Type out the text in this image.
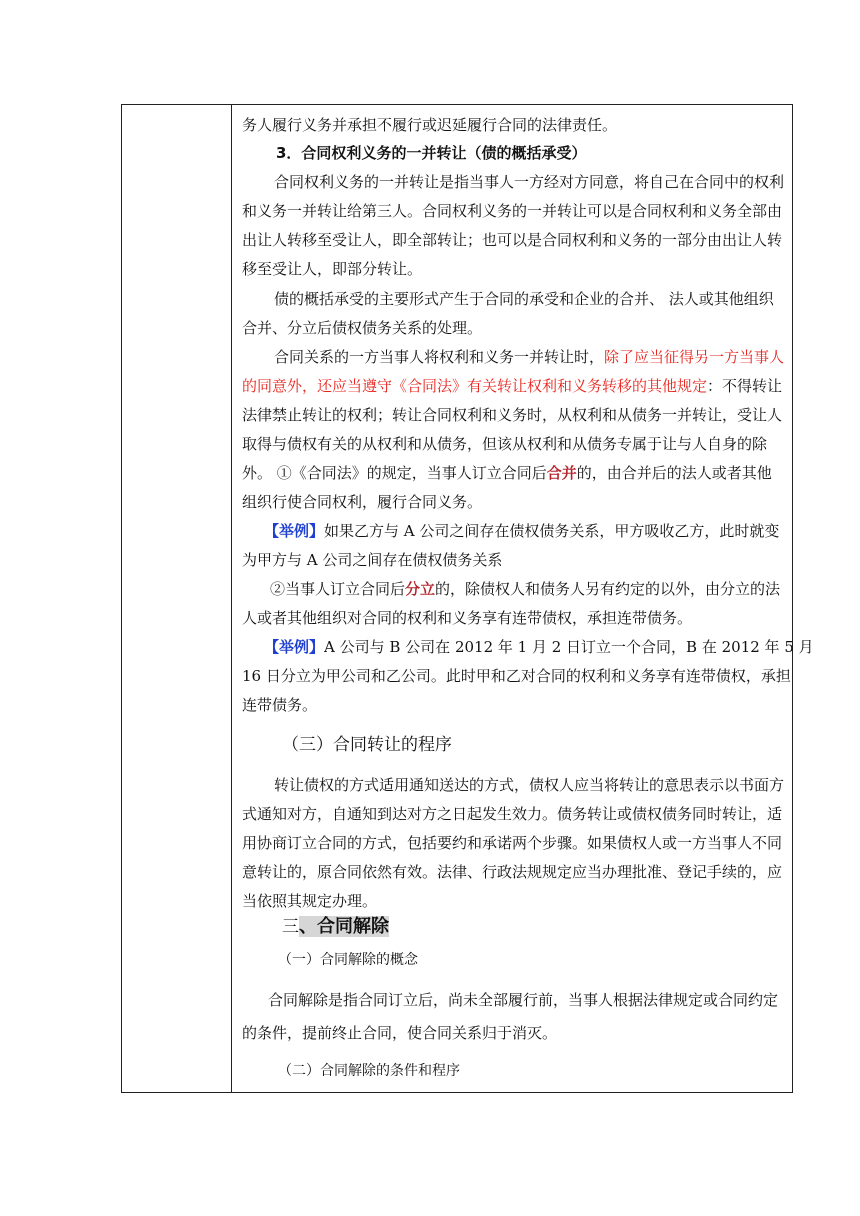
务人履行义务并承担不履行或迟延履行合同的法律责任。
3．合同权利义务的一并转让（债的概括承受）
合同权利义务的一并转让是指当事人一方经对方同意，将自己在合同中的权利
和义务一并转让给第三人。合同权利义务的一并转让可以是合同权利和义务全部由
出让人转移至受让人，即全部转让；也可以是合同权利和义务的一部分由出让人转
移至受让人，即部分转让。
债的概括承受的主要形式产生于合同的承受和企业的合并、 法人或其他组织
合并、分立后债权债务关系的处理。
合同关系的一方当事人将权利和义务一并转让时，除了应当征得另一方当事人
的同意外，还应当遵守《合同法》有关转让权利和义务转移的其他规定：不得转让
法律禁止转让的权利；转让合同权利和义务时，从权利和从债务一并转让，受让人
取得与债权有关的从权利和从债务，但该从权利和从债务专属于让与人自身的除
外。 ①《合同法》的规定，当事人订立合同后合并的，由合并后的法人或者其他
组织行使合同权利，履行合同义务。
【举例】如果乙方与 A 公司之间存在债权债务关系，甲方吸收乙方，此时就变
为甲方与 A 公司之间存在债权债务关系
②当事人订立合同后分立的，除债权人和债务人另有约定的以外，由分立的法
人或者其他组织对合同的权利和义务享有连带债权，承担连带债务。
【举例】A 公司与 B 公司在 2012 年 1 月 2 日订立一个合同，B 在 2012 年 5 月
16 日分立为甲公司和乙公司。此时甲和乙对合同的权利和义务享有连带债权，承担
连带债务。
（三）合同转让的程序
转让债权的方式适用通知送达的方式，债权人应当将转让的意思表示以书面方
式通知对方，自通知到达对方之日起发生效力。债务转让或债权债务同时转让，适
用协商订立合同的方式，包括要约和承诺两个步骤。如果债权人或一方当事人不同
意转让的，原合同依然有效。法律、行政法规规定应当办理批准、登记手续的，应
当依照其规定办理。
三、合同解除
（一）合同解除的概念
合同解除是指合同订立后，尚未全部履行前，当事人根据法律规定或合同约定
的条件，提前终止合同，使合同关系归于消灭。
（二）合同解除的条件和程序
